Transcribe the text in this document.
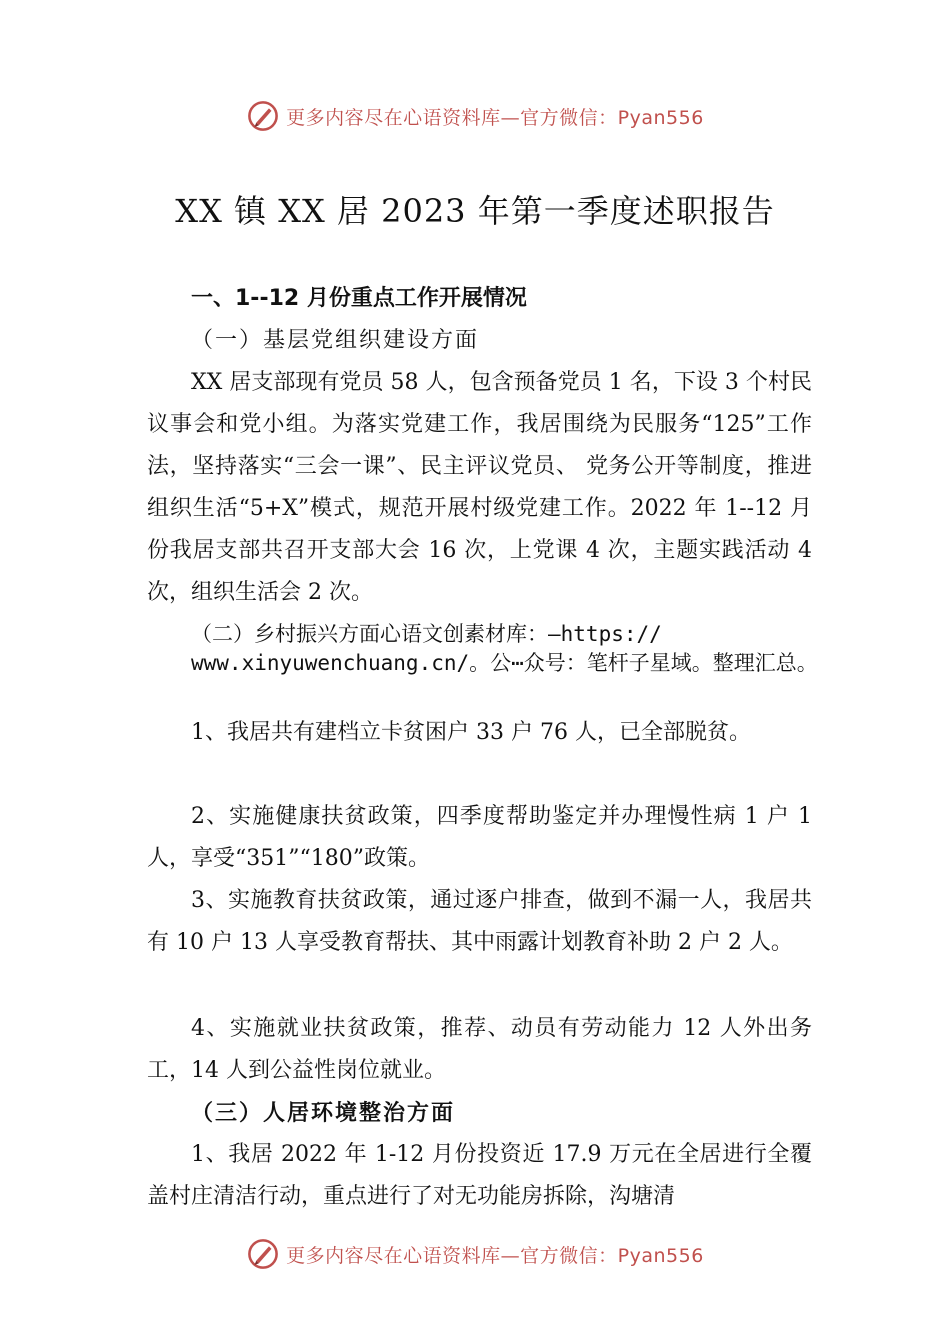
更多内容尽在心语资料库—官方微信：Pyan556
XX 镇 XX 居 2023 年第一季度述职报告

一、1--12 月份重点工作开展情况

（一）基层党组织建设方面

XX 居支部现有党员 58 人，包含预备党员 1 名，下设 3 个村民议事会和党小组。为落实党建工作，我居围绕为民服务“125”工作法，坚持落实“三会一课”、民主评议党员、 党务公开等制度，推进组织生活“5+X”模式，规范开展村级党建工作。2022 年 1--12 月份我居支部共召开支部大会 16 次，上党课 4 次，主题实践活动 4 次，组织生活会 2 次。

（二）乡村振兴方面心语文创素材库：—https:// www.xinyuwenchuang.cn/。公⋯众号：笔杆子星域。整理汇总。

1、我居共有建档立卡贫困户 33 户 76 人，已全部脱贫。

2、实施健康扶贫政策，四季度帮助鉴定并办理慢性病 1 户 1 人，享受“351”“180”政策。

3、实施教育扶贫政策，通过逐户排查，做到不漏一人，我居共有 10 户 13 人享受教育帮扶、其中雨露计划教育补助 2 户 2 人。

4、实施就业扶贫政策，推荐、动员有劳动能力 12 人外出务工，14 人到公益性岗位就业。

（三）人居环境整治方面

1、我居 2022 年 1-12 月份投资近 17.9 万元在全居进行全覆盖村庄清洁行动，重点进行了对无功能房拆除，沟塘清

更多内容尽在心语资料库—官方微信：Pyan556
